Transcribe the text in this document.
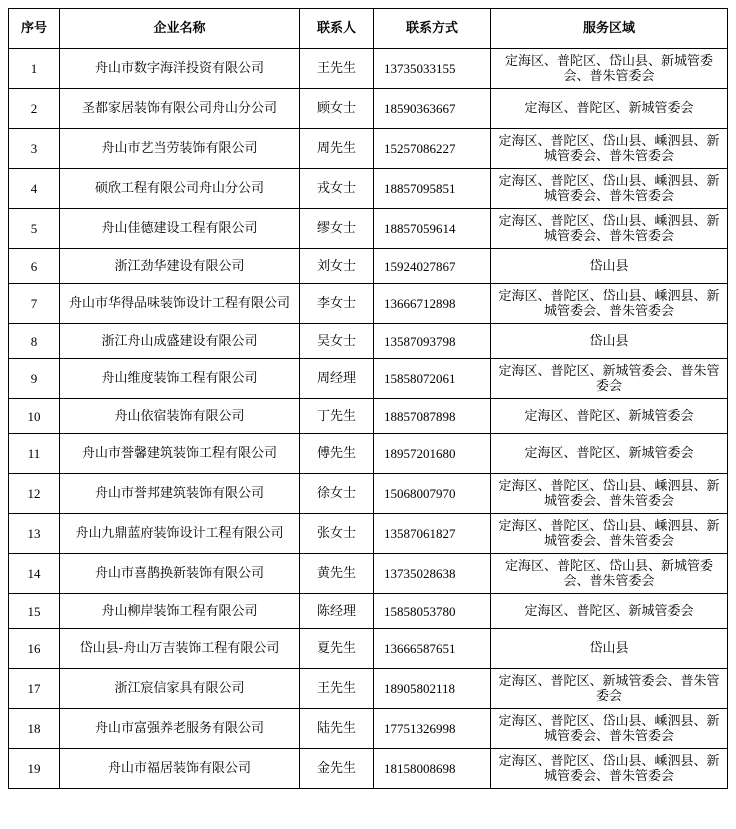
序号	企业名称	联系人	联系方式	服务区域
1	舟山市数字海洋投资有限公司	王先生	13735033155	定海区、普陀区、岱山县、新城管委会、普朱管委会
2	圣都家居装饰有限公司舟山分公司	顾女士	18590363667	定海区、普陀区、新城管委会
3	舟山市艺当劳装饰有限公司	周先生	15257086227	定海区、普陀区、岱山县、嵊泗县、新城管委会、普朱管委会
4	硕欣工程有限公司舟山分公司	戎女士	18857095851	定海区、普陀区、岱山县、嵊泗县、新城管委会、普朱管委会
5	舟山佳德建设工程有限公司	缪女士	18857059614	定海区、普陀区、岱山县、嵊泗县、新城管委会、普朱管委会
6	浙江劲华建设有限公司	刘女士	15924027867	岱山县
7	舟山市华得品味装饰设计工程有限公司	李女士	13666712898	定海区、普陀区、岱山县、嵊泗县、新城管委会、普朱管委会
8	浙江舟山成盛建设有限公司	吴女士	13587093798	岱山县
9	舟山维度装饰工程有限公司	周经理	15858072061	定海区、普陀区、新城管委会、普朱管委会
10	舟山依宿装饰有限公司	丁先生	18857087898	定海区、普陀区、新城管委会
11	舟山市誉馨建筑装饰工程有限公司	傅先生	18957201680	定海区、普陀区、新城管委会
12	舟山市誉邦建筑装饰有限公司	徐女士	15068007970	定海区、普陀区、岱山县、嵊泗县、新城管委会、普朱管委会
13	舟山九鼎蓝府装饰设计工程有限公司	张女士	13587061827	定海区、普陀区、岱山县、嵊泗县、新城管委会、普朱管委会
14	舟山市喜鹊换新装饰有限公司	黄先生	13735028638	定海区、普陀区、岱山县、新城管委会、普朱管委会
15	舟山柳岸装饰工程有限公司	陈经理	15858053780	定海区、普陀区、新城管委会
16	岱山县-舟山万吉装饰工程有限公司	夏先生	13666587651	岱山县
17	浙江宸信家具有限公司	王先生	18905802118	定海区、普陀区、新城管委会、普朱管委会
18	舟山市富强养老服务有限公司	陆先生	17751326998	定海区、普陀区、岱山县、嵊泗县、新城管委会、普朱管委会
19	舟山市福居装饰有限公司	金先生	18158008698	定海区、普陀区、岱山县、嵊泗县、新城管委会、普朱管委会
